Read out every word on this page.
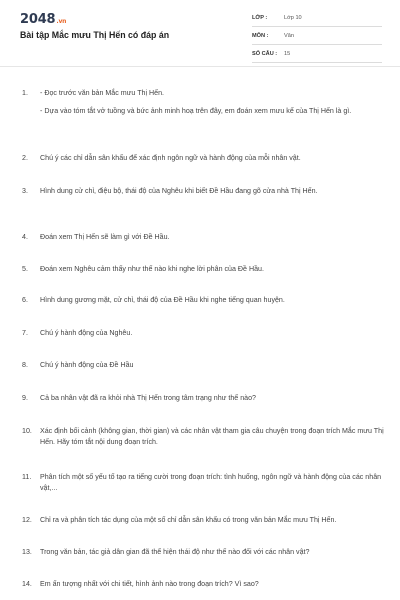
2048.vn
Bài tập Mắc mưu Thị Hến có đáp án
LỚP :	Lớp 10
MÔN :	Văn
SỐ CÂU : 15
1.	- Đọc trước văn bản Mắc mưu Thị Hến.

- Dựa vào tóm tắt vở tuồng và bức ảnh minh hoạ trên đây, em đoán xem mưu kế của Thị Hến là gì.

2.	Chú ý các chỉ dẫn sân khấu để xác định ngôn ngữ và hành động của mỗi nhân vật.

3.	Hình dung cử chỉ, điệu bộ, thái độ của Nghêu khi biết Đề Hầu đang gõ cửa nhà Thị Hến.

4.	Đoán xem Thị Hến sẽ làm gì với Đề Hầu.

5.	Đoán xem Nghêu cảm thấy như thế nào khi nghe lời phân của Đề Hầu.

6.	Hình dung gương mặt, cử chỉ, thái độ của Đề Hầu khi nghe tiếng quan huyện.

7.	Chú ý hành động của Nghêu.

8.	Chú ý hành động của Đề Hầu

9.	Cả ba nhân vật đã ra khỏi nhà Thị Hến trong tâm trạng như thế nào?

10.	Xác định bối cảnh (không gian, thời gian) và các nhân vật tham gia câu chuyện trong đoạn trích Mắc mưu Thị Hến. Hãy tóm tắt nội dung đoạn trích.

11.	Phân tích một số yếu tố tạo ra tiếng cười trong đoạn trích: tình huống, ngôn ngữ và hành động của các nhân vật,...

12.	Chỉ ra và phân tích tác dụng của một số chỉ dẫn sân khấu có trong văn bản Mắc mưu Thị Hến.

13.	Trong văn bản, tác giả dân gian đã thể hiện thái độ như thế nào đối với các nhân vật?

14.	Em ấn tượng nhất với chi tiết, hình ảnh nào trong đoạn trích? Vì sao?
